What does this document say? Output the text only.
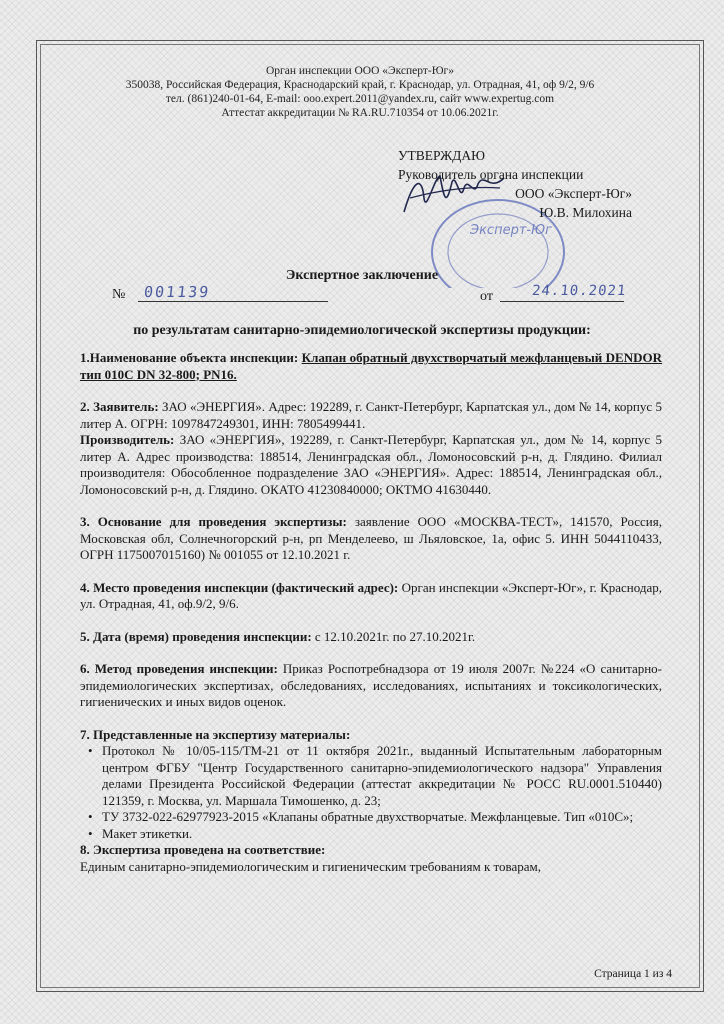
Орган инспекции ООО «Эксперт-Юг»
350038, Российская Федерация, Краснодарский край, г. Краснодар, ул. Отрадная, 41, оф 9/2, 9/6
тел. (861)240-01-64, E-mail: ooo.expert.2011@yandex.ru, сайт www.expertug.com
Аттестат аккредитации № RA.RU.710354 от 10.06.2021г.
Эксперт-Юг
УТВЕРЖДАЮ
Руководитель органа инспекции
ООО «Эксперт-Юг»
Ю.В. Милохина
Экспертное заключение
№ 001139	от	24.10.2021
по результатам санитарно-эпидемиологической экспертизы продукции:

1.Наименование объекта инспекции: Клапан обратный двухстворчатый межфланцевый DENDOR тип 010C DN 32-800; PN16.

2. Заявитель: ЗАО «ЭНЕРГИЯ». Адрес: 192289, г. Санкт-Петербург, Карпатская ул., дом № 14, корпус 5 литер А. ОГРН: 1097847249301, ИНН: 7805499441.

Производитель: ЗАО «ЭНЕРГИЯ», 192289, г. Санкт-Петербург, Карпатская ул., дом № 14, корпус 5 литер А. Адрес производства: 188514, Ленинградская обл., Ломоносовский р-н, д. Глядино. Филиал производителя: Обособленное подразделение ЗАО «ЭНЕРГИЯ». Адрес: 188514, Ленинградская обл., Ломоносовский р-н, д. Глядино. ОКАТО 41230840000; ОКТМО 41630440.

3. Основание для проведения экспертизы: заявление ООО «МОСКВА-ТЕСТ», 141570, Россия, Московская обл, Солнечногорский р-н, рп Менделеево, ш Льяловское, 1а, офис 5. ИНН 5044110433, ОГРН 1175007015160) № 001055 от 12.10.2021 г.

4. Место проведения инспекции (фактический адрес): Орган инспекции «Эксперт-Юг», г. Краснодар, ул. Отрадная, 41, оф.9/2, 9/6.

5. Дата (время) проведения инспекции: с 12.10.2021г. по 27.10.2021г.

6. Метод проведения инспекции: Приказ Роспотребнадзора от 19 июля 2007г. №224 «О санитарно-эпидемиологических экспертизах, обследованиях, исследованиях, испытаниях и токсикологических, гигиенических и иных видов оценок.

7. Представленные на экспертизу материалы:

• Протокол № 10/05-115/ТМ-21 от 11 октября 2021г., выданный Испытательным лабораторным центром ФГБУ "Центр Государственного санитарно-эпидемиологического надзора" Управления делами Президента Российской Федерации (аттестат аккредитации № РОСС RU.0001.510440) 121359, г. Москва, ул. Маршала Тимошенко, д. 23;
• ТУ 3732-022-62977923-2015 «Клапаны обратные двухстворчатые. Межфланцевые. Тип «010С»;
• Макет этикетки.

8. Экспертиза проведена на соответствие:

Единым санитарно-эпидемиологическим и гигиеническим требованиям к товарам,

Страница 1 из 4
